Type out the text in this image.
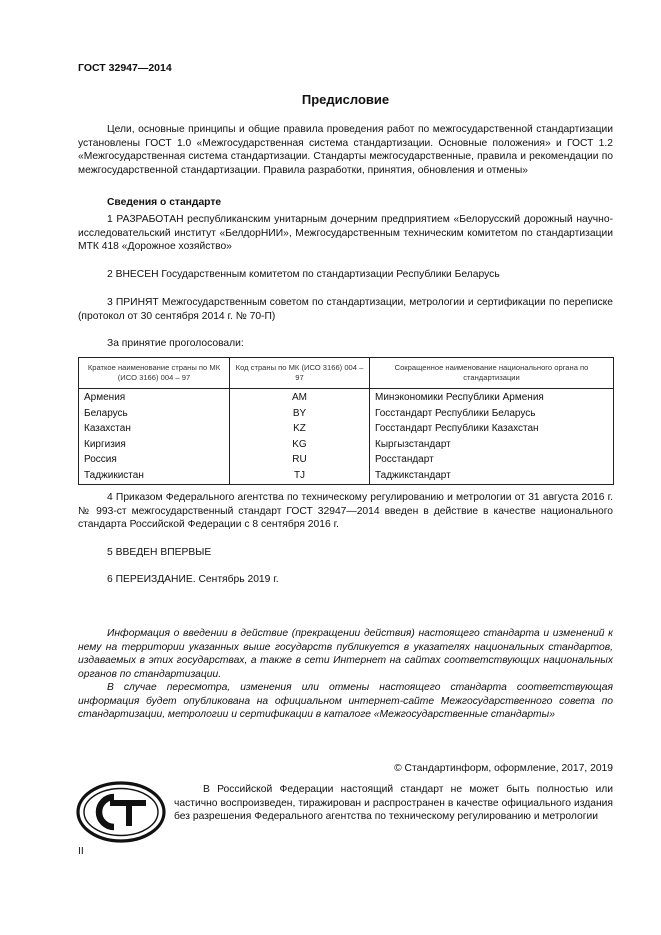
ГОСТ 32947—2014
Предисловие
Цели, основные принципы и общие правила проведения работ по межгосударственной стандартизации установлены ГОСТ 1.0 «Межгосударственная система стандартизации. Основные положения» и ГОСТ 1.2 «Межгосударственная система стандартизации. Стандарты межгосударственные, правила и рекомендации по межгосударственной стандартизации. Правила разработки, принятия, обновления и отмены»
Сведения о стандарте
1 РАЗРАБОТАН республиканским унитарным дочерним предприятием «Белорусский дорожный научно-исследовательский институт «БелдорНИИ», Межгосударственным техническим комитетом по стандартизации МТК 418 «Дорожное хозяйство»
2 ВНЕСЕН Государственным комитетом по стандартизации Республики Беларусь
3 ПРИНЯТ Межгосударственным советом по стандартизации, метрологии и сертификации по переписке (протокол от 30 сентября 2014 г. № 70-П)
За принятие проголосовали:
Краткое наименование страны по МК (ИСО 3166) 004 – 97	Код страны по МК (ИСО 3166) 004 – 97	Сокращенное наименование национального органа по стандартизации
Армения	AM	Минэкономики Республики Армения
Беларусь	BY	Госстандарт Республики Беларусь
Казахстан	KZ	Госстандарт Республики Казахстан
Киргизия	KG	Кыргызстандарт
Россия	RU	Росстандарт
Таджикистан	TJ	Таджикстандарт
4 Приказом Федерального агентства по техническому регулированию и метрологии от 31 августа 2016 г. № 993-ст межгосударственный стандарт ГОСТ 32947—2014 введен в действие в качестве национального стандарта Российской Федерации с 8 сентября 2016 г.
5 ВВЕДЕН ВПЕРВЫЕ
6 ПЕРЕИЗДАНИЕ. Сентябрь 2019 г.
Информация о введении в действие (прекращении действия) настоящего стандарта и изменений к нему на территории указанных выше государств публикуется в указателях национальных стандартов, издаваемых в этих государствах, а также в сети Интернет на сайтах соответствующих национальных органов по стандартизации.
В случае пересмотра, изменения или отмены настоящего стандарта соответствующая информация будет опубликована на официальном интернет-сайте Межгосударственного совета по стандартизации, метрологии и сертификации в каталоге «Межгосударственные стандарты»
© Стандартинформ, оформление, 2017, 2019
В Российской Федерации настоящий стандарт не может быть полностью или частично воспроизведен, тиражирован и распространен в качестве официального издания без разрешения Федерального агентства по техническому регулированию и метрологии
II
